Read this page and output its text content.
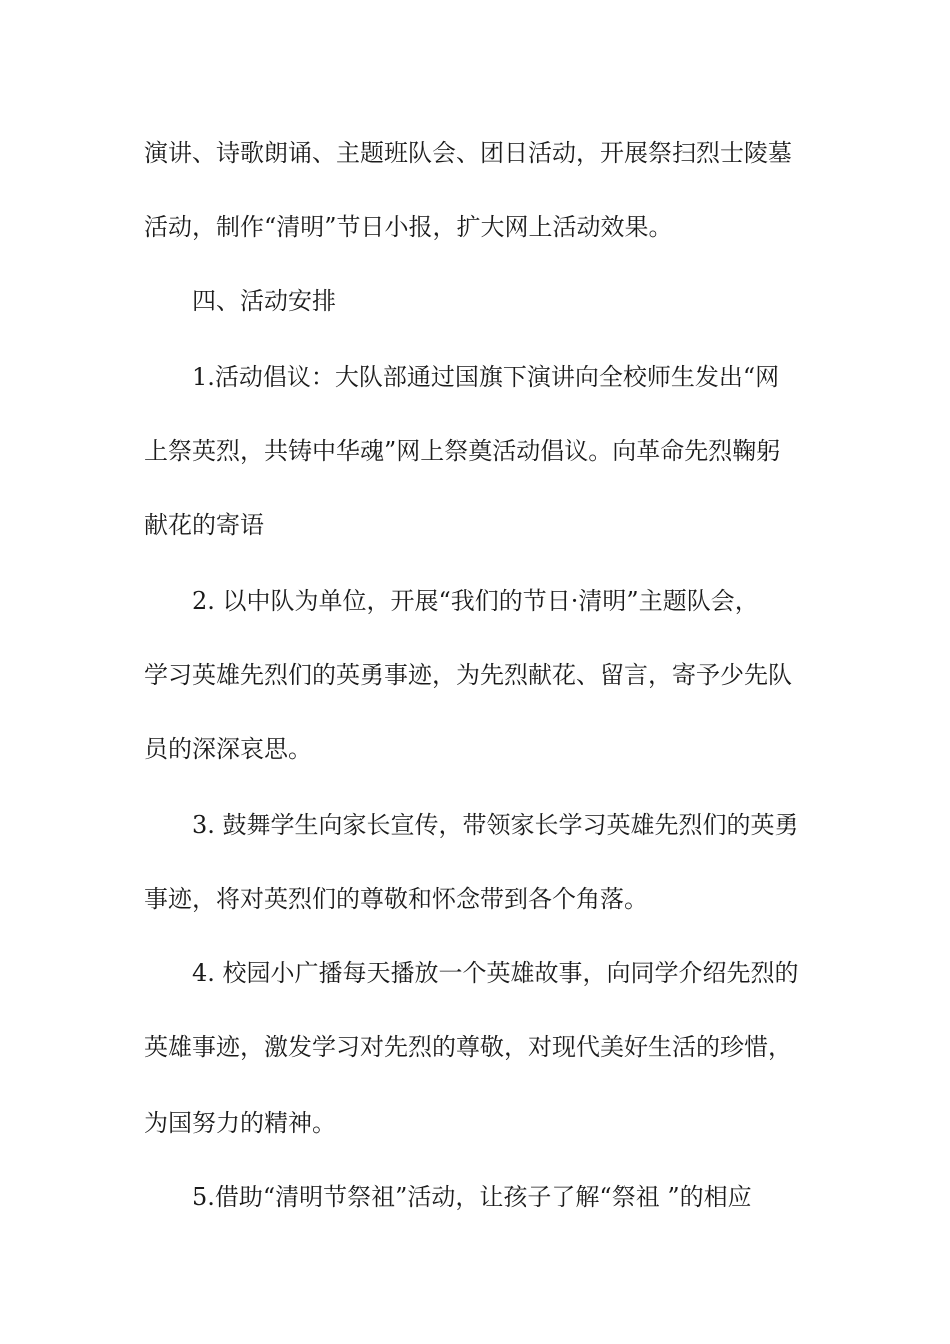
演讲、诗歌朗诵、主题班队会、团日活动，开展祭扫烈士陵墓
活动，制作“清明”节日小报，扩大网上活动效果。
四、活动安排
1.活动倡议：大队部通过国旗下演讲向全校师生发出“网
上祭英烈，共铸中华魂”网上祭奠活动倡议。向革命先烈鞠躬
献花的寄语
2. 以中队为单位，开展“我们的节日·清明”主题队会，
学习英雄先烈们的英勇事迹，为先烈献花、留言，寄予少先队
员的深深哀思。
3. 鼓舞学生向家长宣传，带领家长学习英雄先烈们的英勇
事迹，将对英烈们的尊敬和怀念带到各个角落。
4. 校园小广播每天播放一个英雄故事，向同学介绍先烈的
英雄事迹，激发学习对先烈的尊敬，对现代美好生活的珍惜，
为国努力的精神。
5.借助“清明节祭祖”活动，让孩子了解“祭祖 ”的相应
